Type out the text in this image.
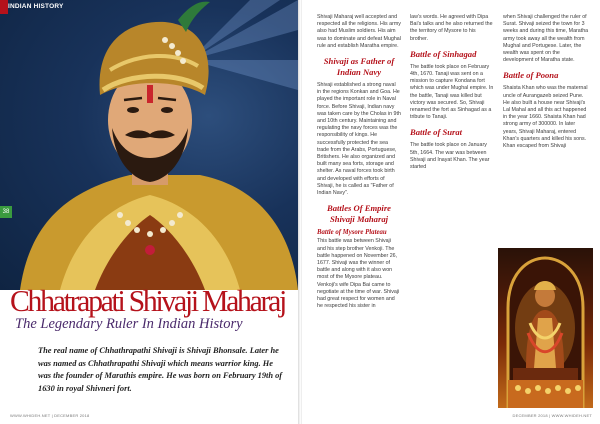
INDIAN HISTORY
38
Chhatrapati Shivaji Maharaj
The Legendary Ruler In Indian History
The real name of Chhathrapathi Shivaji is Shivaji Bhonsale. Later he was named as Chhathrapathi Shivaji which means warrior king. He was the founder of Marathis empire. He was born on February 19th of 1630 in royal Shivneri fort.
WWW.WHIDEH.NET | DECEMBER 2018

Shivaji Maharaj well accepted and respected all the religions. His army also had Muslim soldiers. His aim was to dominate and defeat Mughal rule and establish Maratha empire.

Shivaji as Father of Indian Navy

Shivaji established a strong naval in the regions Konkan and Goa. He played the important role in Naval force. Before Shivaji, Indian navy was taken care by the Cholas in 9th and 10th century. Maintaining and regulating the navy forces was the responsibility of kings. He successfully protected the sea trade from the Arabs, Portuguese, Britishers. He also organized and built many sea forts, storage and shelter. As naval forces took birth and developed with efforts of Shivaji, he is called as "Father of Indian Navy".

Battles Of Empire Shivaji Maharaj
Battle of Mysore Plateau

This battle was between Shivaji and his step brother Venkoji. The battle happened on November 26, 1677. Shivaji was the winner of battle and along with it also won most of the Mysore plateau. Venkoji's wife Dipa Bai came to negotiate at the time of war. Shivaji had great respect for women and he respected his sister in

law's words. He agreed with Dipa Bai's talks and he also returned the the territory of Mysore to his brother.

Battle of Sinhagad

The battle took place on February 4th, 1670. Tanaji was sent on a mission to capture Kondana fort which was under Mughal empire. In the battle, Tanaji was killed but victory was secured. So, Shivaji renamed the fort as Sinhagad as a tribute to Tanaji.

Battle of Surat

The battle took place on January 5th, 1664. The war was between Shivaji and Inayat Khan. The year started

when Shivaji challenged the ruler of Surat. Shivaji seized the town for 3 weeks and during this time, Maratha army took away all the wealth from Mughal and Portugese. Later, the wealth was spent on the development of Maratha state.

Battle of Poona

Shaista Khan who was the maternal uncle of Aurangazeb seized Pune. He also built a house near Shivaji's Lal Mahal and all this act happened in the year 1660. Shaista Khan had strong army of 300000. In later years, Shivaji Maharaj, entered Khan's quarters and killed his sons. Khan escaped from Shivaji

DECEMBER 2018 | WWW.WHIDEH.NET
